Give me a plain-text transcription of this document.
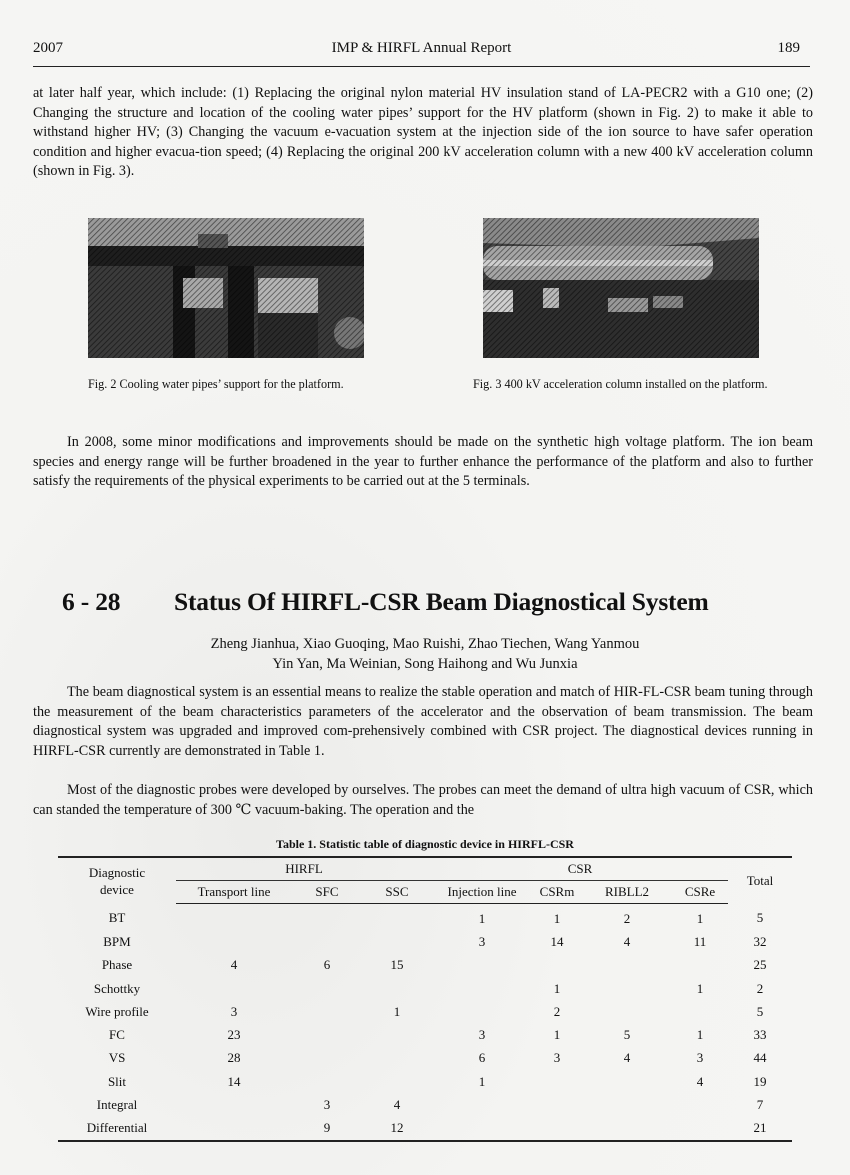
2007	IMP & HIRFL Annual Report	189
at later half year, which include: (1) Replacing the original nylon material HV insulation stand of LA-PECR2 with a G10 one; (2) Changing the structure and location of the cooling water pipes’ support for the HV platform (shown in Fig. 2) to make it able to withstand higher HV; (3) Changing the vacuum e-vacuation system at the injection side of the ion source to have safer operation condition and higher evacua-tion speed; (4) Replacing the original 200 kV acceleration column with a new 400 kV acceleration column (shown in Fig. 3).
Fig. 2 Cooling water pipes’ support for the platform.	Fig. 3 400 kV acceleration column installed on the platform.
In 2008, some minor modifications and improvements should be made on the synthetic high voltage platform. The ion beam species and energy range will be further broadened in the year to further enhance the performance of the platform and also to further satisfy the requirements of the physical experiments to be carried out at the 5 terminals.
6 - 28 Status Of HIRFL-CSR Beam Diagnostical System
Zheng Jianhua, Xiao Guoqing, Mao Ruishi, Zhao Tiechen, Wang Yanmou
Yin Yan, Ma Weinian, Song Haihong and Wu Junxia
The beam diagnostical system is an essential means to realize the stable operation and match of HIR-FL-CSR beam tuning through the measurement of the beam characteristics parameters of the accelerator and the observation of beam transmission. The beam diagnostical system was upgraded and improved com-prehensively combined with CSR project. The diagnostical devices running in HIRFL-CSR currently are demonstrated in Table 1.
Most of the diagnostic probes were developed by ourselves. The probes can meet the demand of ultra high vacuum of CSR, which can standed the temperature of 300 ℃ vacuum-baking. The operation and the
Table 1. Statistic table of diagnostic device in HIRFL-CSR
Diagnostic
device	HIRFL			CSR				Total
	Transport line	SFC	SSC	Injection line	CSRm	RIBLL2	CSRe	
BT				1	1	2	1	5
BPM				3	14	4	11	32
Phase	4	6	15					25
Schottky					1		1	2
Wire profile	3		1		2			5
FC	23			3	1	5	1	33
VS	28			6	3	4	3	44
Slit	14			1			4	19
Integral		3	4					7
Differential		9	12					21
